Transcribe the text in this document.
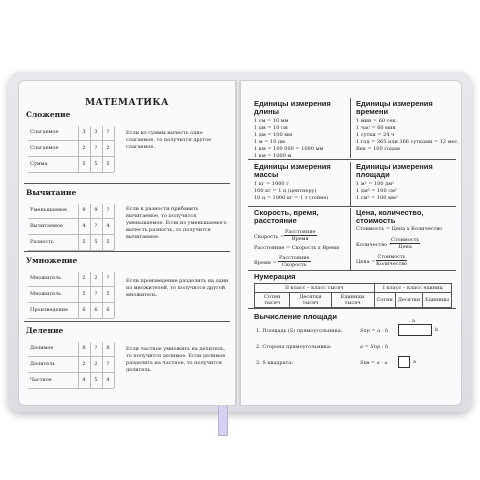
МАТЕМАТИКА
Сложение
Слагаемое	3	3	?
Слагаемое	2	?	2
Сумма	5	5	5
Если из суммы вычесть одно слагаемое, то получится другое слагаемое.
Вычитание
Уменьшаемое	9	9	?
Вычитаемое	4	?	4
Разность	5	5	5
Если к разности прибавить вычитаемое, то получится уменьшаемое. Если из уменьшаемого вычесть разность, то получится вычитаемое.
Умножение
Множитель	2	2	?
Множитель	5	?	5
Произведение	6	6	6
Если произведение разделить на один из множителей, то получится другой множитель.
Деление
Делимое	8	?	8
Делитель	2	2	?
Частное	4	5	4
Если частное умножить на делитель, то получится делимое. Если делимое разделить на частное, то получится делитель.
Единицы измерения длины
1 см = 10 мм
1 дм = 10 см
1 дм = 100 мм
1 м = 10 дм
1 км = 100 000 = 1000 мм
1 км = 1000 м
Единицы измерения времени
1 мин = 60 сек.
1 час = 60 мин
1 сутки = 24 ч
1 год = 365 или 366 сутками = 12 мес.
Век = 100 годам
Единицы измерения массы
1 кг = 1000 г
100 кг = 1 ц (центнеру)
10 ц = 1000 кг = 1 т (тонне)
Единицы измерения площади
1 м² = 100 дм²
1 дм² = 100 см²
1 см² = 100 мм²
Скорость, время, расстояние
Скорость =
Расстояние
Время
Расстояние = Скорость х Время
Время =
Расстояние
Скорость
Цена, количество, стоимость
Стоимость = Цена х Количество
Количество =
Стоимость
Цена
Цена =
Стоимость
Количество
Нумерация
II класс – класс тысяч			I класс – класс единиц		
Сотни тысяч	Десятки тысяч	Единицы тысяч	Сотни	Десятки	Единицы
Вычисление площади
1. Площадь (S) прямоугольника:	Sпр = a · b
a
b
2. Сторона прямоугольника:	a = Sпр : b
3. S квадрата:	Sкв = a · a	a
